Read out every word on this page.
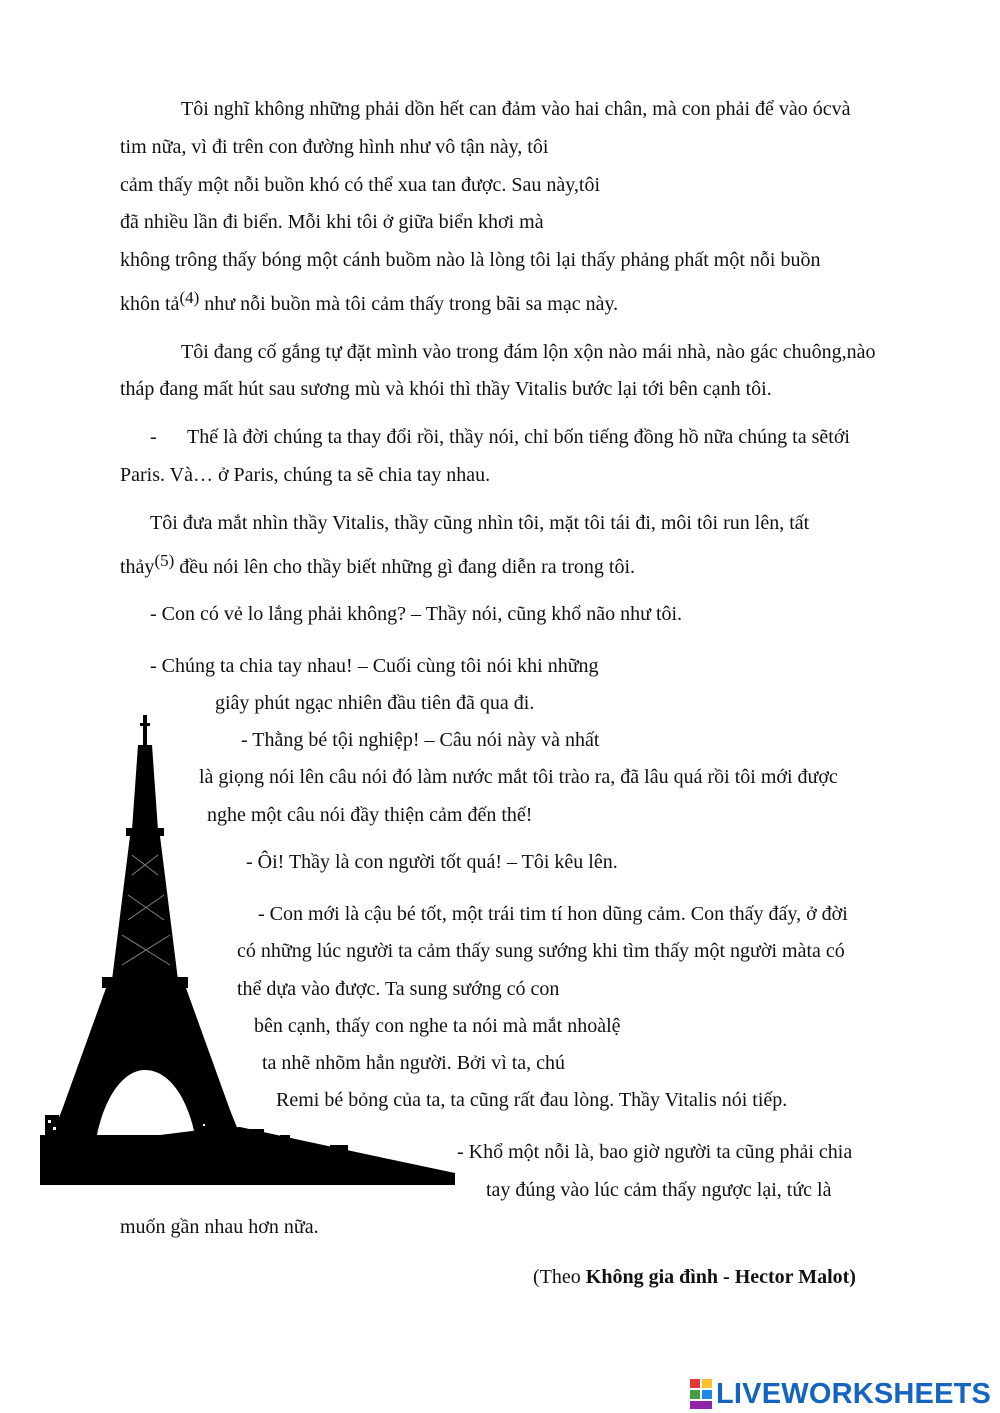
Tôi nghĩ không những phải dồn hết can đảm vào hai chân, mà con phải để vào ócvà
tim nữa, vì đi trên con đường hình như vô tận này, tôi
cảm thấy một nỗi buồn khó có thể xua tan được. Sau này,tôi
đã nhiều lần đi biển. Mỗi khi tôi ở giữa biển khơi mà
không trông thấy bóng một cánh buồm nào là lòng tôi lại thấy phảng phất một nỗi buồn
khôn tả$^{(4)}$ như nỗi buồn mà tôi cảm thấy trong bãi sa mạc này.
Tôi đang cố gắng tự đặt mình vào trong đám lộn xộn nào mái nhà, nào gác chuông,nào
tháp đang mất hút sau sương mù và khói thì thầy Vitalis bước lại tới bên cạnh tôi.
- Thế là đời chúng ta thay đổi rồi, thầy nói, chỉ bốn tiếng đồng hồ nữa chúng ta sẽtới
Paris. Và… ở Paris, chúng ta sẽ chia tay nhau.
Tôi đưa mắt nhìn thầy Vitalis, thầy cũng nhìn tôi, mặt tôi tái đi, môi tôi run lên, tất
thảy$^{(5)}$ đều nói lên cho thầy biết những gì đang diễn ra trong tôi.
- Con có vẻ lo lắng phải không? – Thầy nói, cũng khổ não như tôi.
- Chúng ta chia tay nhau! – Cuối cùng tôi nói khi những
giây phút ngạc nhiên đầu tiên đã qua đi.
- Thằng bé tội nghiệp! – Câu nói này và nhất
là giọng nói lên câu nói đó làm nước mắt tôi trào ra, đã lâu quá rồi tôi mới được
nghe một câu nói đầy thiện cảm đến thế!
- Ôi! Thầy là con người tốt quá! – Tôi kêu lên.
- Con mới là cậu bé tốt, một trái tim tí hon dũng cảm. Con thấy đấy, ở đời
có những lúc người ta cảm thấy sung sướng khi tìm thấy một người màta có
thể dựa vào được. Ta sung sướng có con
bên cạnh, thấy con nghe ta nói mà mắt nhoàlệ
ta nhẽ nhõm hẳn người. Bởi vì ta, chú
Remi bé bỏng của ta, ta cũng rất đau lòng. Thầy Vitalis nói tiếp.
- Khổ một nỗi là, bao giờ người ta cũng phải chia
tay đúng vào lúc cảm thấy ngược lại, tức là
muốn gần nhau hơn nữa.
(Theo Không gia đình - Hector Malot)
LIVEWORKSHEETS
